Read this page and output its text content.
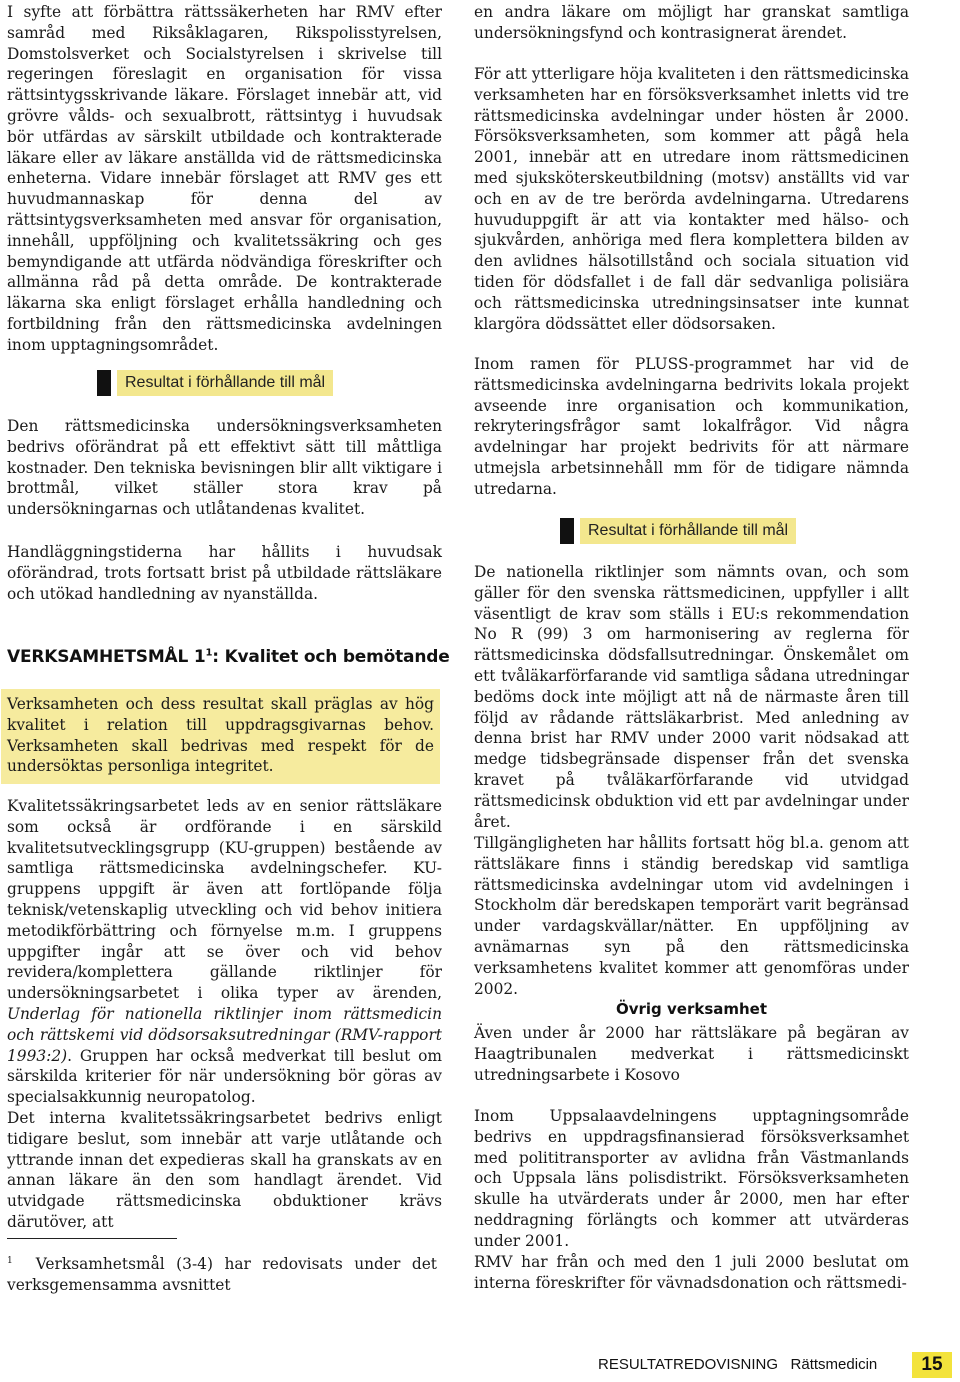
I syfte att förbättra rättssäkerheten har RMV efter samråd med Riksåklagaren, Rikspolisstyrelsen, Domstolsverket och Socialstyrelsen i skrivelse till regeringen föreslagit en organisation för vissa rättsintygsskrivande läkare. Förslaget innebär att, vid grövre vålds- och sexualbrott, rättsintyg i huvudsak bör utfärdas av särskilt utbildade och kontrakterade läkare eller av läkare anställda vid de rättsmedicinska enheterna. Vidare innebär förslaget att RMV ges ett huvudmannaskap för denna del av rättsintygsverksamheten med ansvar för organisation, innehåll, uppföljning och kvalitetssäkring och ges bemyndigande att utfärda nödvändiga föreskrifter och allmänna råd på detta område. De kontrakterade läkarna ska enligt förslaget erhålla handledning och fortbildning från den rättsmedicinska avdelningen inom upptagningsområdet.

Resultat i förhållande till mål

Den rättsmedicinska undersökningsverksamheten bedrivs oförändrat på ett effektivt sätt till måttliga kostnader. Den tekniska bevisningen blir allt viktigare i brottmål, vilket ställer stora krav på undersökningarnas och utlåtandenas kvalitet.

Handläggningstiderna har hållits i huvudsak oförändrad, trots fortsatt brist på utbildade rättsläkare och utökad handledning av nyanställda.

VERKSAMHETSMÅL $1^1$: Kvalitet och bemötande

Verksamheten och dess resultat skall präglas av hög kvalitet i relation till uppdragsgivarnas behov. Verksamheten skall bedrivas med respekt för de undersöktas personliga integritet.

Kvalitetssäkringsarbetet leds av en senior rättsläkare som också är ordförande i en särskild kvalitetsutvecklingsgrupp (KU-gruppen) bestående av samtliga rättsmedicinska avdelningschefer. KU-gruppens uppgift är även att fortlöpande följa teknisk/vetenskaplig utveckling och vid behov initiera metodikförbättring och förnyelse m.m. I gruppens uppgifter ingår att se över och vid behov revidera/komplettera gällande riktlinjer för undersökningsarbetet i olika typer av ärenden, Underlag för nationella riktlinjer inom rättsmedicin och rättskemi vid dödsorsaksutredningar (RMV-rapport 1993:2). Gruppen har också medverkat till beslut om särskilda kriterier för när undersökning bör göras av specialsakkunnig neuropatolog.

Det interna kvalitetssäkringsarbetet bedrivs enligt tidigare beslut, som innebär att varje utlåtande och yttrande innan det expedieras skall ha granskats av en annan läkare än den som handlagt ärendet. Vid utvidgade rättsmedicinska obduktioner krävs därutöver, att

$^1$ Verksamhetsmål (3-4) har redovisats under det verksgemensamma avsnittet

en andra läkare om möjligt har granskat samtliga undersökningsfynd och kontrasignerat ärendet.

För att ytterligare höja kvaliteten i den rättsmedicinska verksamheten har en försöksverksamhet inletts vid tre rättsmedicinska avdelningar under hösten år 2000. Försöksverksamheten, som kommer att pågå hela 2001, innebär att en utredare inom rättsmedicinen med sjuksköterskeutbildning (motsv) anställts vid var och en av de tre berörda avdelningarna. Utredarens huvuduppgift är att via kontakter med hälso- och sjukvården, anhöriga med flera komplettera bilden av den avlidnes hälsotillstånd och sociala situation vid tiden för dödsfallet i de fall där sedvanliga polisiära och rättsmedicinska utredningsinsatser inte kunnat klargöra dödssättet eller dödsorsaken.

Inom ramen för PLUSS-programmet har vid de rättsmedicinska avdelningarna bedrivits lokala projekt avseende inre organisation och kommunikation, rekryteringsfrågor samt lokalfrågor. Vid några avdelningar har projekt bedrivits för att närmare utmejsla arbetsinnehåll mm för de tidigare nämnda utredarna.

Resultat i förhållande till mål

De nationella riktlinjer som nämnts ovan, och som gäller för den svenska rättsmedicinen, uppfyller i allt väsentligt de krav som ställs i EU:s rekommendation No R (99) 3 om harmonisering av reglerna för rättsmedicinska dödsfallsutredningar. Önskemålet om ett tvåläkarförfarande vid samtliga sådana utredningar bedöms dock inte möjligt att nå de närmaste åren till följd av rådande rättsläkarbrist. Med anledning av denna brist har RMV under 2000 varit nödsakad att medge tidsbegränsade dispenser från det svenska kravet på tvåläkarförfarande vid utvidgad rättsmedicinsk obduktion vid ett par avdelningar under året.

Tillgängligheten har hållits fortsatt hög bl.a. genom att rättsläkare finns i ständig beredskap vid samtliga rättsmedicinska avdelningar utom vid avdelningen i Stockholm där beredskapen temporärt varit begränsad under vardagskvällar/nätter. En uppföljning av avnämarnas syn på den rättsmedicinska verksamhetens kvalitet kommer att genomföras under 2002.

Övrig verksamhet

Även under år 2000 har rättsläkare på begäran av Haagtribunalen medverkat i rättsmedicinskt utredningsarbete i Kosovo

Inom Uppsalaavdelningens upptagningsområde bedrivs en uppdragsfinansierad försöksverksamhet med polititransporter av avlidna från Västmanlands och Uppsala läns polisdistrikt. Försöksverksamheten skulle ha utvärderats under år 2000, men har efter neddragning förlängts och kommer att utvärderas under 2001.

RMV har från och med den 1 juli 2000 beslutat om interna föreskrifter för vävnadsdonation och rättsmedi-

RESULTATREDOVISNING Rättsmedicin	15
